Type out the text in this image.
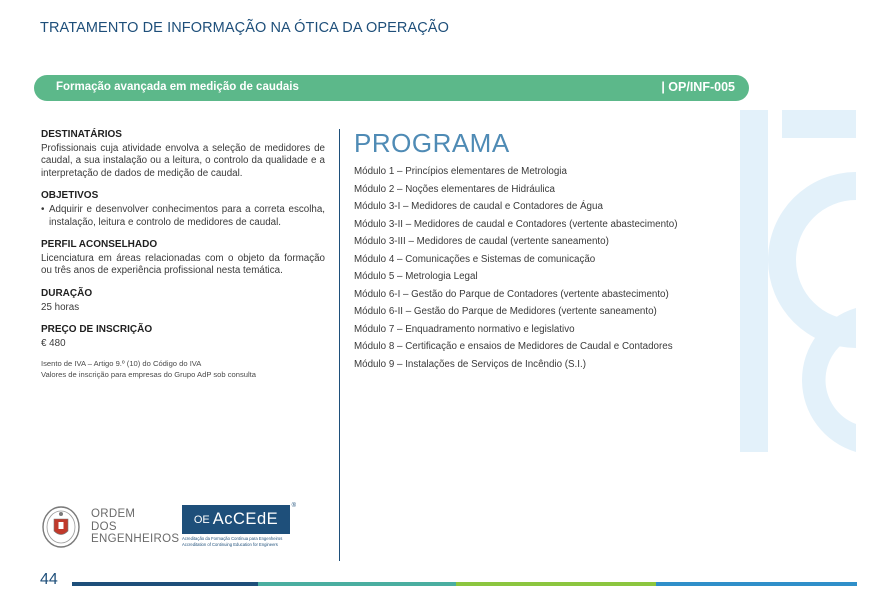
TRATAMENTO DE INFORMAÇÃO NA ÓTICA DA OPERAÇÃO
Formação avançada em medição de caudais	| OP/INF-005
DESTINATÁRIOS
Profissionais cuja atividade envolva a seleção de medidores de caudal, a sua instalação ou a leitura, o controlo da qualidade e a interpretação de dados de medição de caudal.
OBJETIVOS
• Adquirir e desenvolver conhecimentos para a correta escolha, instalação, leitura e controlo de medidores de caudal.
PERFIL ACONSELHADO
Licenciatura em áreas relacionadas com o objeto da formação ou três anos de experiência profissional nesta temática.
DURAÇÃO
25 horas
PREÇO DE INSCRIÇÃO
€ 480
Isento de IVA – Artigo 9.º (10) do Código do IVA
Valores de inscrição para empresas do Grupo AdP sob consulta
PROGRAMA
Módulo 1 – Princípios elementares de Metrologia
Módulo 2 – Noções elementares de Hidráulica
Módulo 3-I – Medidores de caudal e Contadores de Água
Módulo 3-II – Medidores de caudal e Contadores (vertente abastecimento)
Módulo 3-III – Medidores de caudal (vertente saneamento)
Módulo 4 – Comunicações e Sistemas de comunicação
Módulo 5 – Metrologia Legal
Módulo 6-I – Gestão do Parque de Contadores (vertente abastecimento)
Módulo 6-II – Gestão do Parque de Medidores (vertente saneamento)
Módulo 7 – Enquadramento normativo e legislativo
Módulo 8 – Certificação e ensaios de Medidores de Caudal e Contadores
Módulo 9 – Instalações de Serviços de Incêndio (S.I.)
ORDEM
DOS
ENGENHEIROS
OE AcCEdE
®
Acreditação da Formação Contínua para Engenheiros
Accreditation of Continuing Education for Engineers
44
